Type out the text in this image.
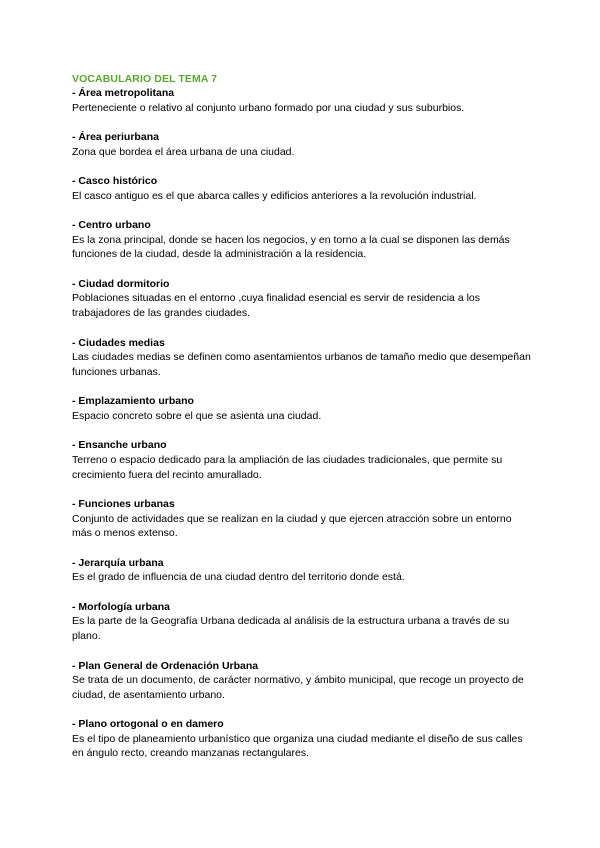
VOCABULARIO DEL TEMA 7

- Área metropolitana

Perteneciente o relativo al conjunto urbano formado por una ciudad y sus suburbios.

- Área periurbana

Zona que bordea el área urbana de una ciudad.

- Casco histórico

El casco antiguo es el que abarca calles y edificios anteriores a la revolución industrial.

- Centro urbano

Es la zona principal, donde se hacen los negocios, y en torno a la cual se disponen las demás funciones de la ciudad, desde la administración a la residencia.

- Ciudad dormitorio

Poblaciones situadas en el entorno ,cuya finalidad esencial es servir de residencia a los trabajadores de las grandes ciudades.

- Ciudades medias

Las ciudades medias se definen como asentamientos urbanos de tamaño medio que desempeñan funciones urbanas.

- Emplazamiento urbano

Espacio concreto sobre el que se asienta una ciudad.

- Ensanche urbano

Terreno o espacio dedicado para la ampliación de las ciudades tradicionales, que permite su crecimiento fuera del recinto amurallado.

- Funciones urbanas

Conjunto de actividades que se realizan en la ciudad y que ejercen atracción sobre un entorno más o menos extenso.

- Jerarquía urbana

Es el grado de influencia de una ciudad dentro del territorio donde está.

- Morfología urbana

Es la parte de la Geografía Urbana dedicada al análisis de la estructura urbana a través de su plano.

- Plan General de Ordenación Urbana

Se trata de un documento, de carácter normativo, y ámbito municipal, que recoge un proyecto de ciudad, de asentamiento urbano.

- Plano ortogonal o en damero

Es el tipo de planeamiento urbanístico que organiza una ciudad mediante el diseño de sus calles en ángulo recto, creando manzanas rectangulares.
